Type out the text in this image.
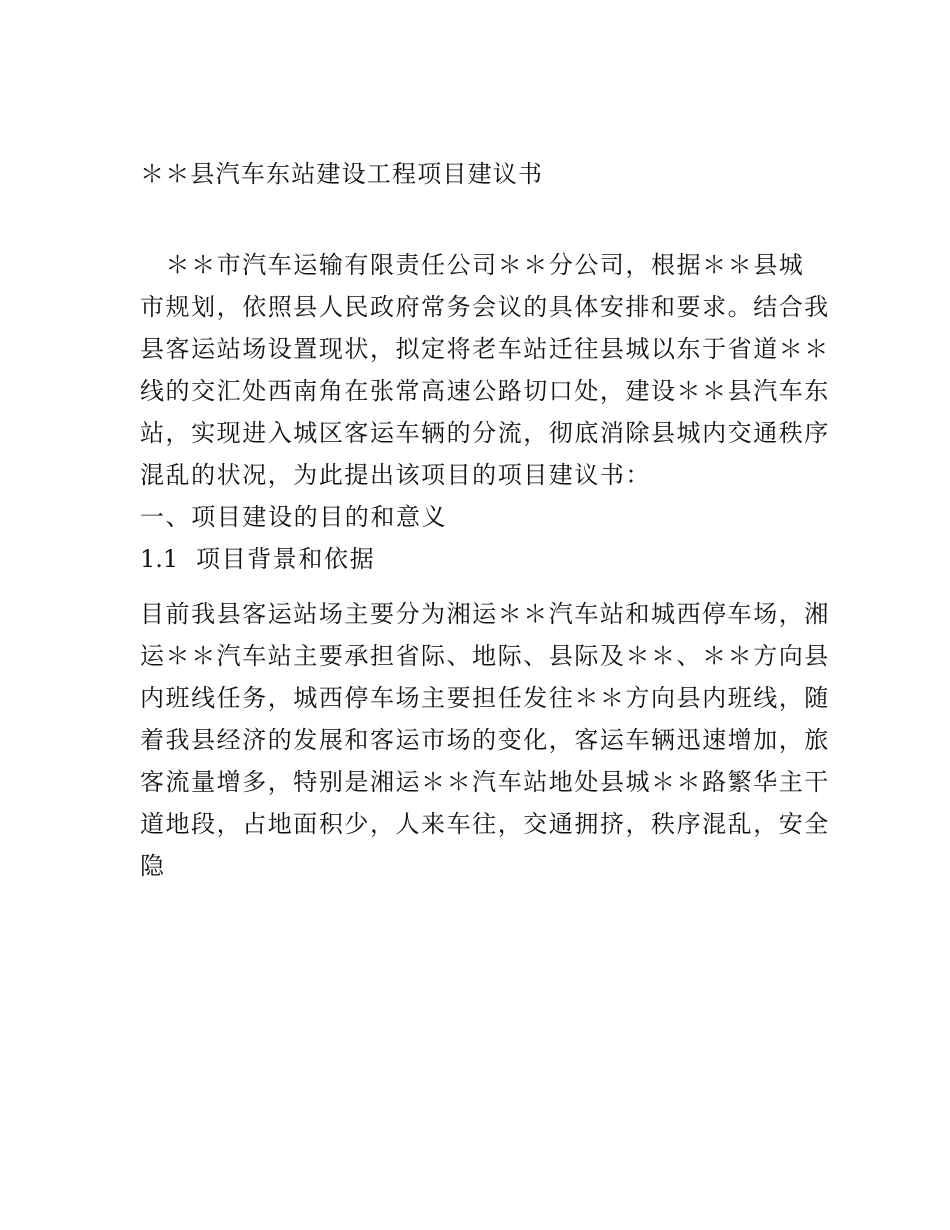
＊＊县汽车东站建设工程项目建议书
　＊＊市汽车运输有限责任公司＊＊分公司，根据＊＊县城
市规划，依照县人民政府常务会议的具体安排和要求。结合我
县客运站场设置现状，拟定将老车站迁往县城以东于省道＊＊
线的交汇处西南角在张常高速公路切口处，建设＊＊县汽车东
站，实现进入城区客运车辆的分流，彻底消除县城内交通秩序
混乱的状况，为此提出该项目的项目建议书：
一、项目建设的目的和意义
1.1 项目背景和依据
目前我县客运站场主要分为湘运＊＊汽车站和城西停车场，湘
运＊＊汽车站主要承担省际、地际、县际及＊＊、＊＊方向县
内班线任务，城西停车场主要担任发往＊＊方向县内班线，随
着我县经济的发展和客运市场的变化，客运车辆迅速增加，旅
客流量增多，特别是湘运＊＊汽车站地处县城＊＊路繁华主干
道地段，占地面积少，人来车往，交通拥挤，秩序混乱，安全
隐
